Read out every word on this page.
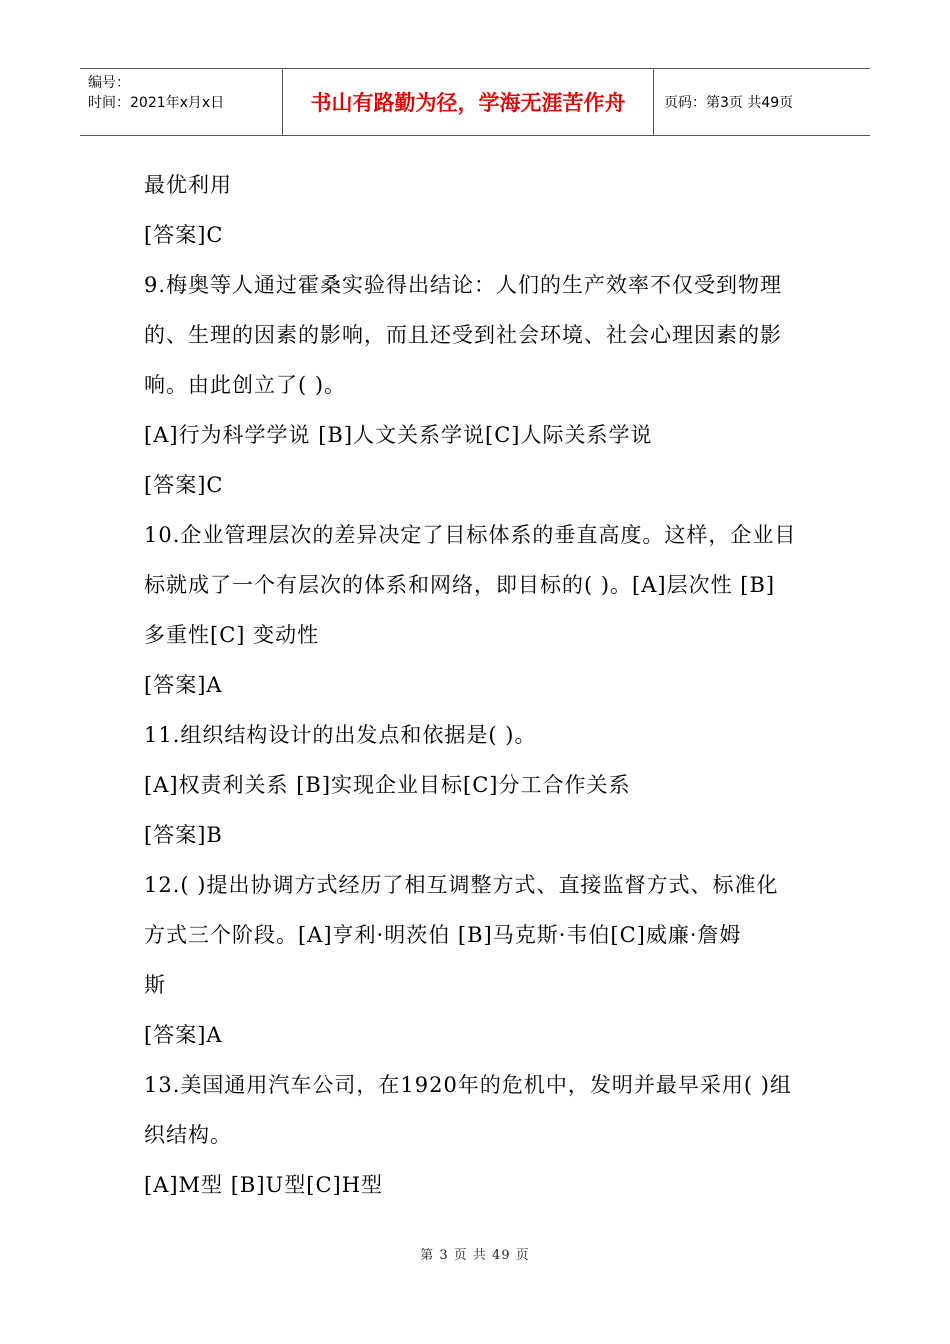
编号：
时间：2021年x月x日	书山有路勤为径，学海无涯苦作舟	页码：第3页 共49页
最优利用
[答案]C
9.梅奥等人通过霍桑实验得出结论：人们的生产效率不仅受到物理
的、生理的因素的影响，而且还受到社会环境、社会心理因素的影
响。由此创立了( )。
[A]行为科学学说 [B]人文关系学说[C]人际关系学说
[答案]C
10.企业管理层次的差异决定了目标体系的垂直高度。这样，企业目
标就成了一个有层次的体系和网络，即目标的( )。[A]层次性 [B]
多重性[C] 变动性
[答案]A
11.组织结构设计的出发点和依据是( )。
[A]权责利关系 [B]实现企业目标[C]分工合作关系
[答案]B
12.( )提出协调方式经历了相互调整方式、直接监督方式、标准化
方式三个阶段。[A]亨利·明茨伯 [B]马克斯·韦伯[C]威廉·詹姆
斯
[答案]A
13.美国通用汽车公司，在1920年的危机中，发明并最早采用( )组
织结构。
[A]M型 [B]U型[C]H型
第 3 页 共 49 页
